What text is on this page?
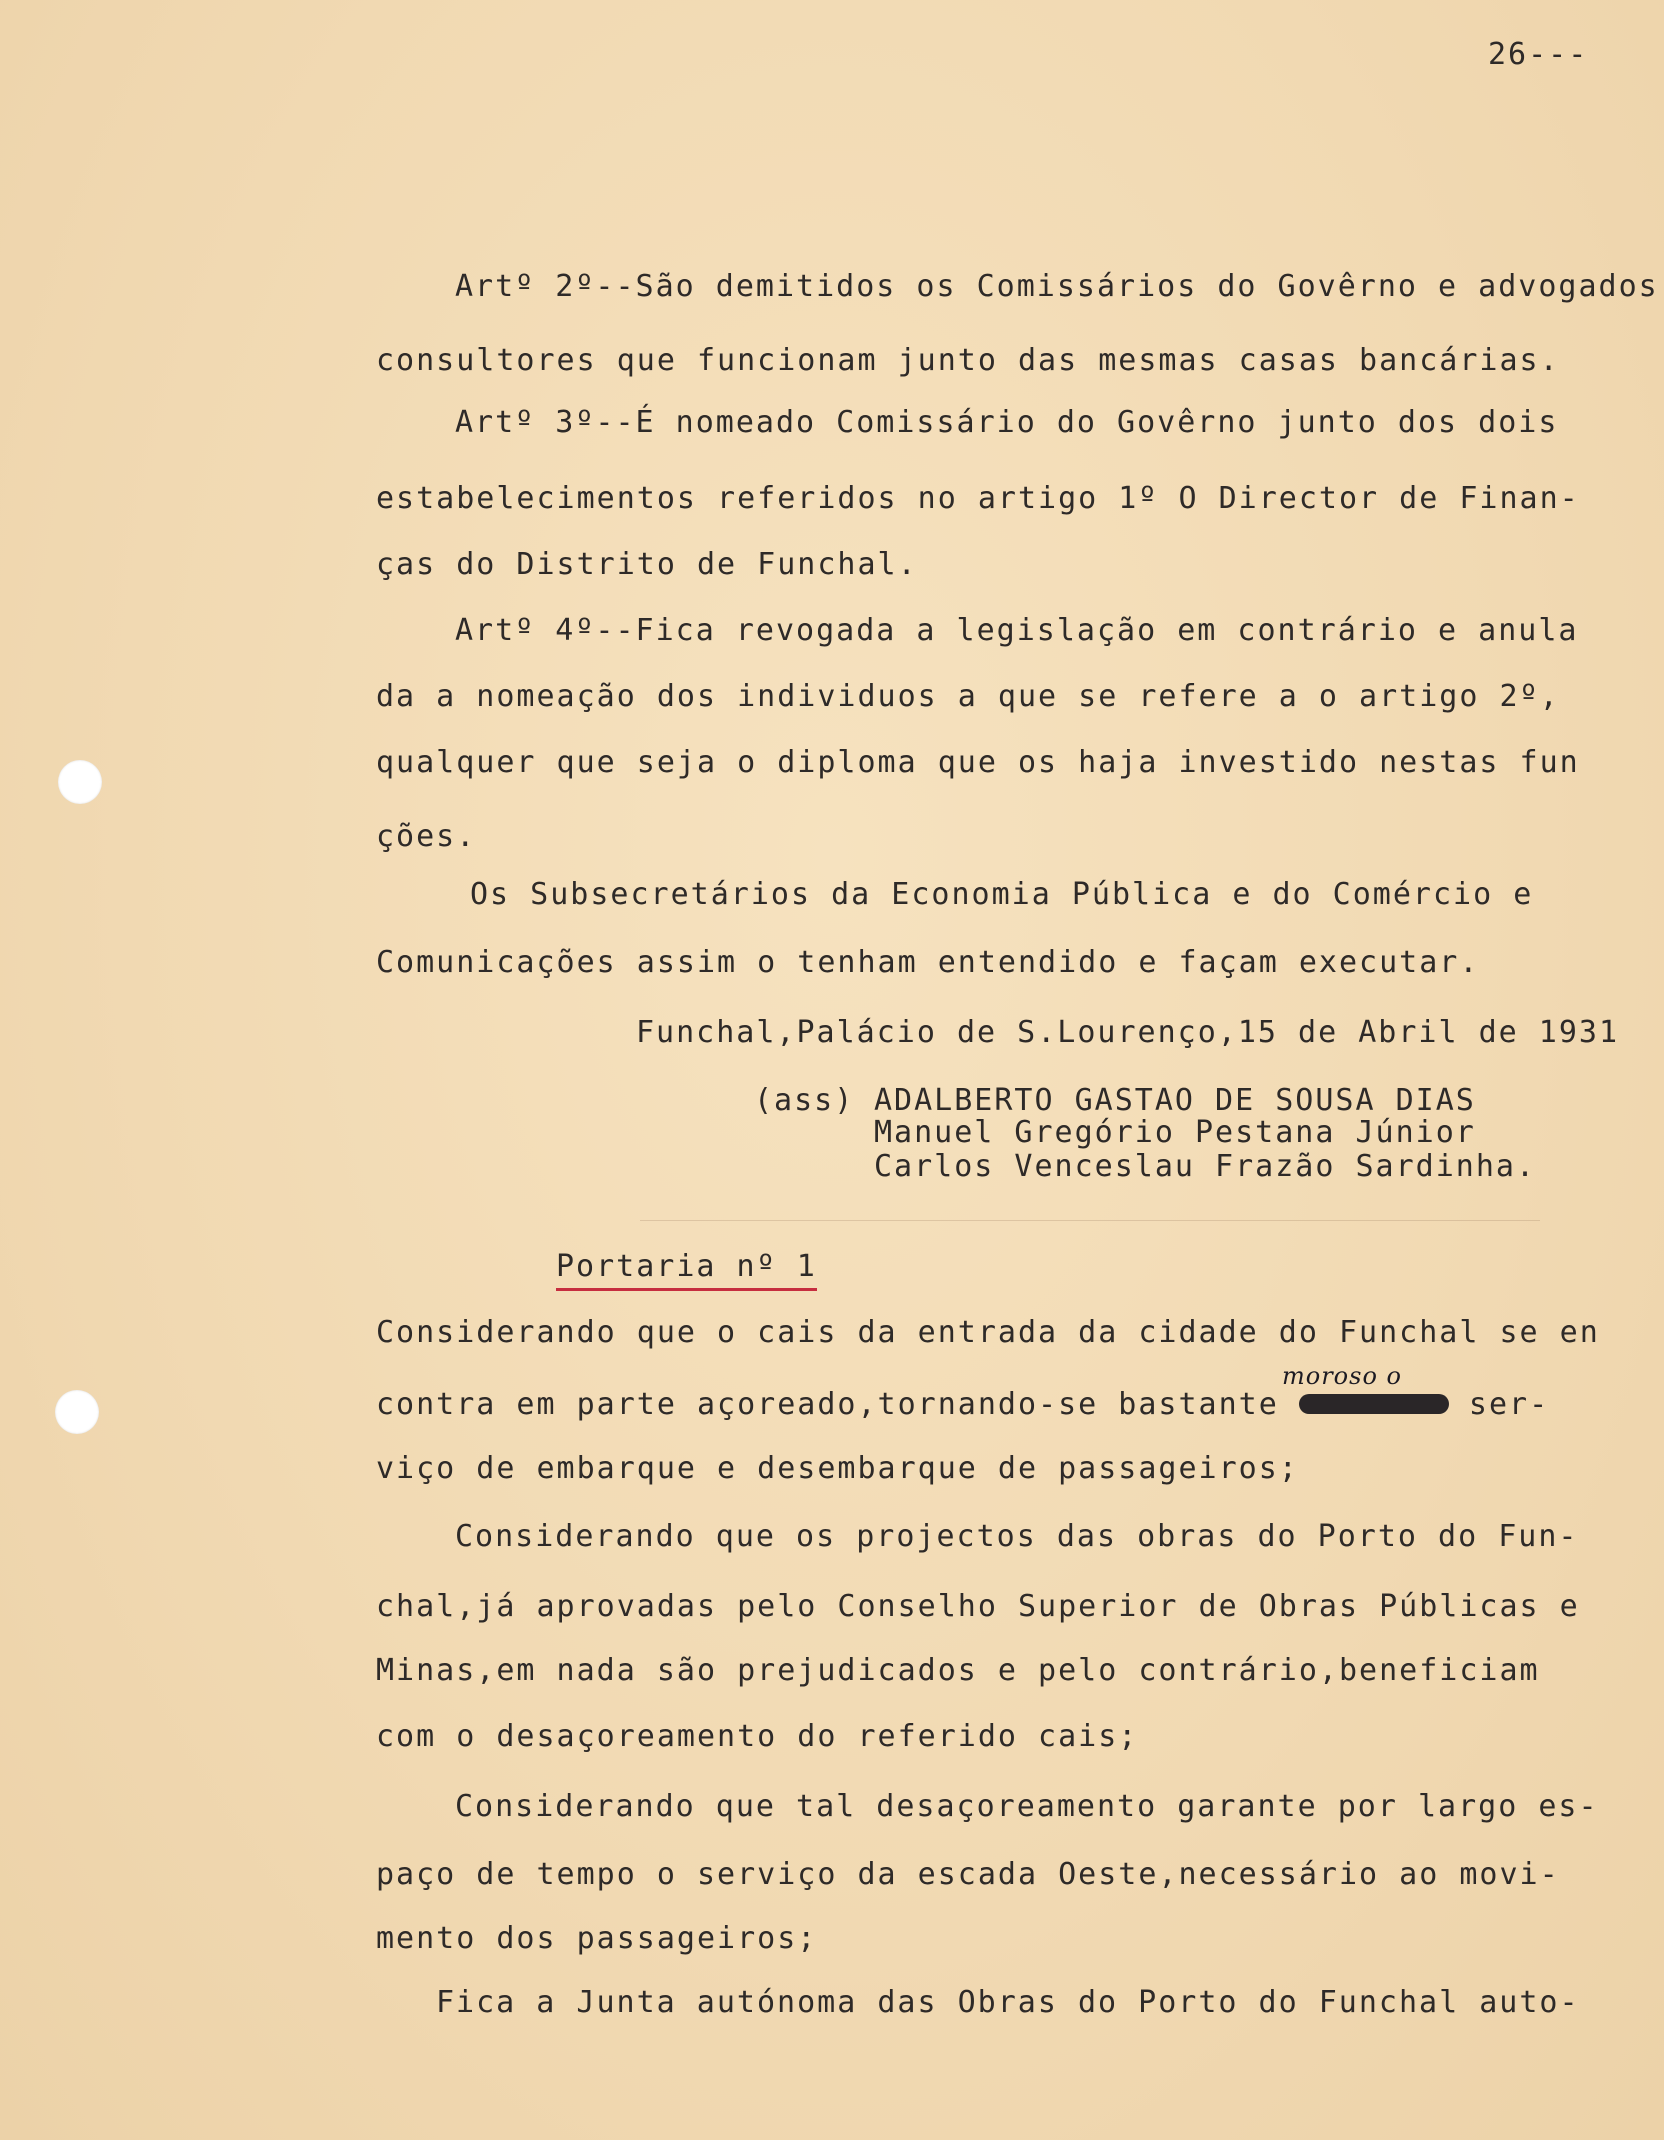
26---
Artº 2º--São demitidos os Comissários do Govêrno e advogados
consultores que funcionam junto das mesmas casas bancárias.
Artº 3º--É nomeado Comissário do Govêrno junto dos dois
estabelecimentos referidos no artigo 1º O Director de Finan-
ças do Distrito de Funchal.
Artº 4º--Fica revogada a legislação em contrário e anula
da a nomeação dos individuos a que se refere a o artigo 2º,
qualquer que seja o diploma que os haja investido nestas fun
ções.
Os Subsecretários da Economia Pública e do Comércio e
Comunicações assim o tenham entendido e façam executar.
Funchal,Palácio de S.Lourenço,15 de Abril de 1931
(ass) ADALBERTO GASTAO DE SOUSA DIAS
Manuel Gregório Pestana Júnior
Carlos Venceslau Frazão Sardinha.
Portaria nº 1
Considerando que o cais da entrada da cidade do Funchal se en
moroso o
contra em parte açoreado,tornando-se bastante	ser-
viço de embarque e desembarque de passageiros;
Considerando que os projectos das obras do Porto do Fun-
chal,já aprovadas pelo Conselho Superior de Obras Públicas e
Minas,em nada são prejudicados e pelo contrário,beneficiam
com o desaçoreamento do referido cais;
Considerando que tal desaçoreamento garante por largo es-
paço de tempo o serviço da escada Oeste,necessário ao movi-
mento dos passageiros;
Fica a Junta autónoma das Obras do Porto do Funchal auto-
